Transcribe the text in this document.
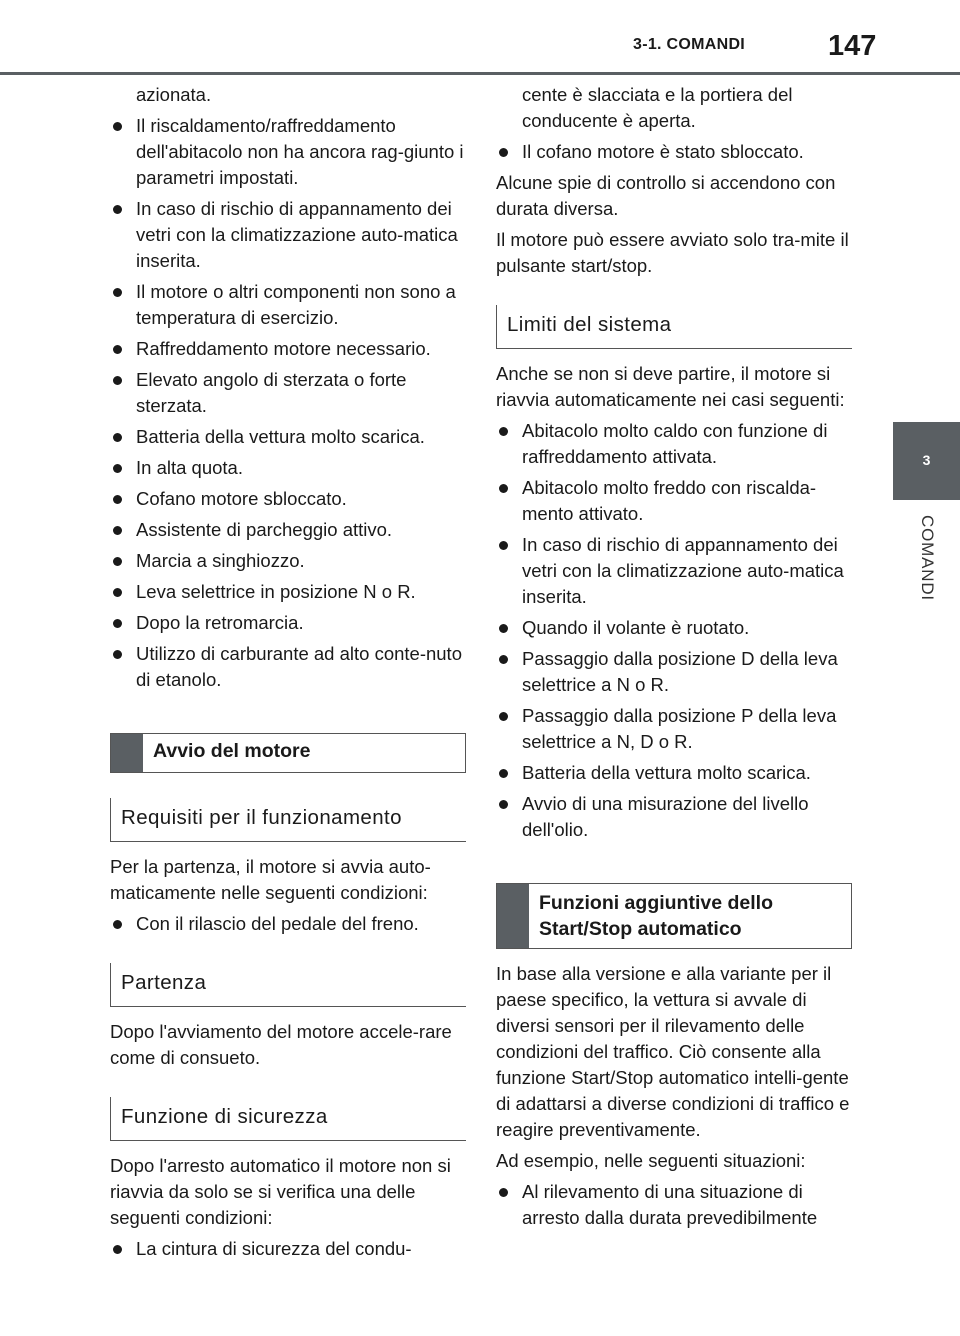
3-1. COMANDI	147
3
COMANDI
azionata.
Il riscaldamento/raffreddamento dell'abitacolo non ha ancora rag-giunto i parametri impostati.
In caso di rischio di appannamento dei vetri con la climatizzazione auto-matica inserita.
Il motore o altri componenti non sono a temperatura di esercizio.
Raffreddamento motore necessario.
Elevato angolo di sterzata o forte sterzata.
Batteria della vettura molto scarica.
In alta quota.
Cofano motore sbloccato.
Assistente di parcheggio attivo.
Marcia a singhiozzo.
Leva selettrice in posizione N o R.
Dopo la retromarcia.
Utilizzo di carburante ad alto conte-nuto di etanolo.
Avvio del motore
Requisiti per il funzionamento
Per la partenza, il motore si avvia auto-maticamente nelle seguenti condizioni:
Con il rilascio del pedale del freno.
Partenza
Dopo l'avviamento del motore accele-rare come di consueto.
Funzione di sicurezza
Dopo l'arresto automatico il motore non si riavvia da solo se si verifica una delle seguenti condizioni:
La cintura di sicurezza del condu-
cente è slacciata e la portiera del conducente è aperta.
Il cofano motore è stato sbloccato.
Alcune spie di controllo si accendono con durata diversa.
Il motore può essere avviato solo tra-mite il pulsante start/stop.
Limiti del sistema
Anche se non si deve partire, il motore si riavvia automaticamente nei casi seguenti:
Abitacolo molto caldo con funzione di raffreddamento attivata.
Abitacolo molto freddo con riscalda-mento attivato.
In caso di rischio di appannamento dei vetri con la climatizzazione auto-matica inserita.
Quando il volante è ruotato.
Passaggio dalla posizione D della leva selettrice a N o R.
Passaggio dalla posizione P della leva selettrice a N, D o R.
Batteria della vettura molto scarica.
Avvio di una misurazione del livello dell'olio.
Funzioni aggiuntive dello Start/Stop automatico
In base alla versione e alla variante per il paese specifico, la vettura si avvale di diversi sensori per il rilevamento delle condizioni del traffico. Ciò consente alla funzione Start/Stop automatico intelli-gente di adattarsi a diverse condizioni di traffico e reagire preventivamente.
Ad esempio, nelle seguenti situazioni:
Al rilevamento di una situazione di arresto dalla durata prevedibilmente
